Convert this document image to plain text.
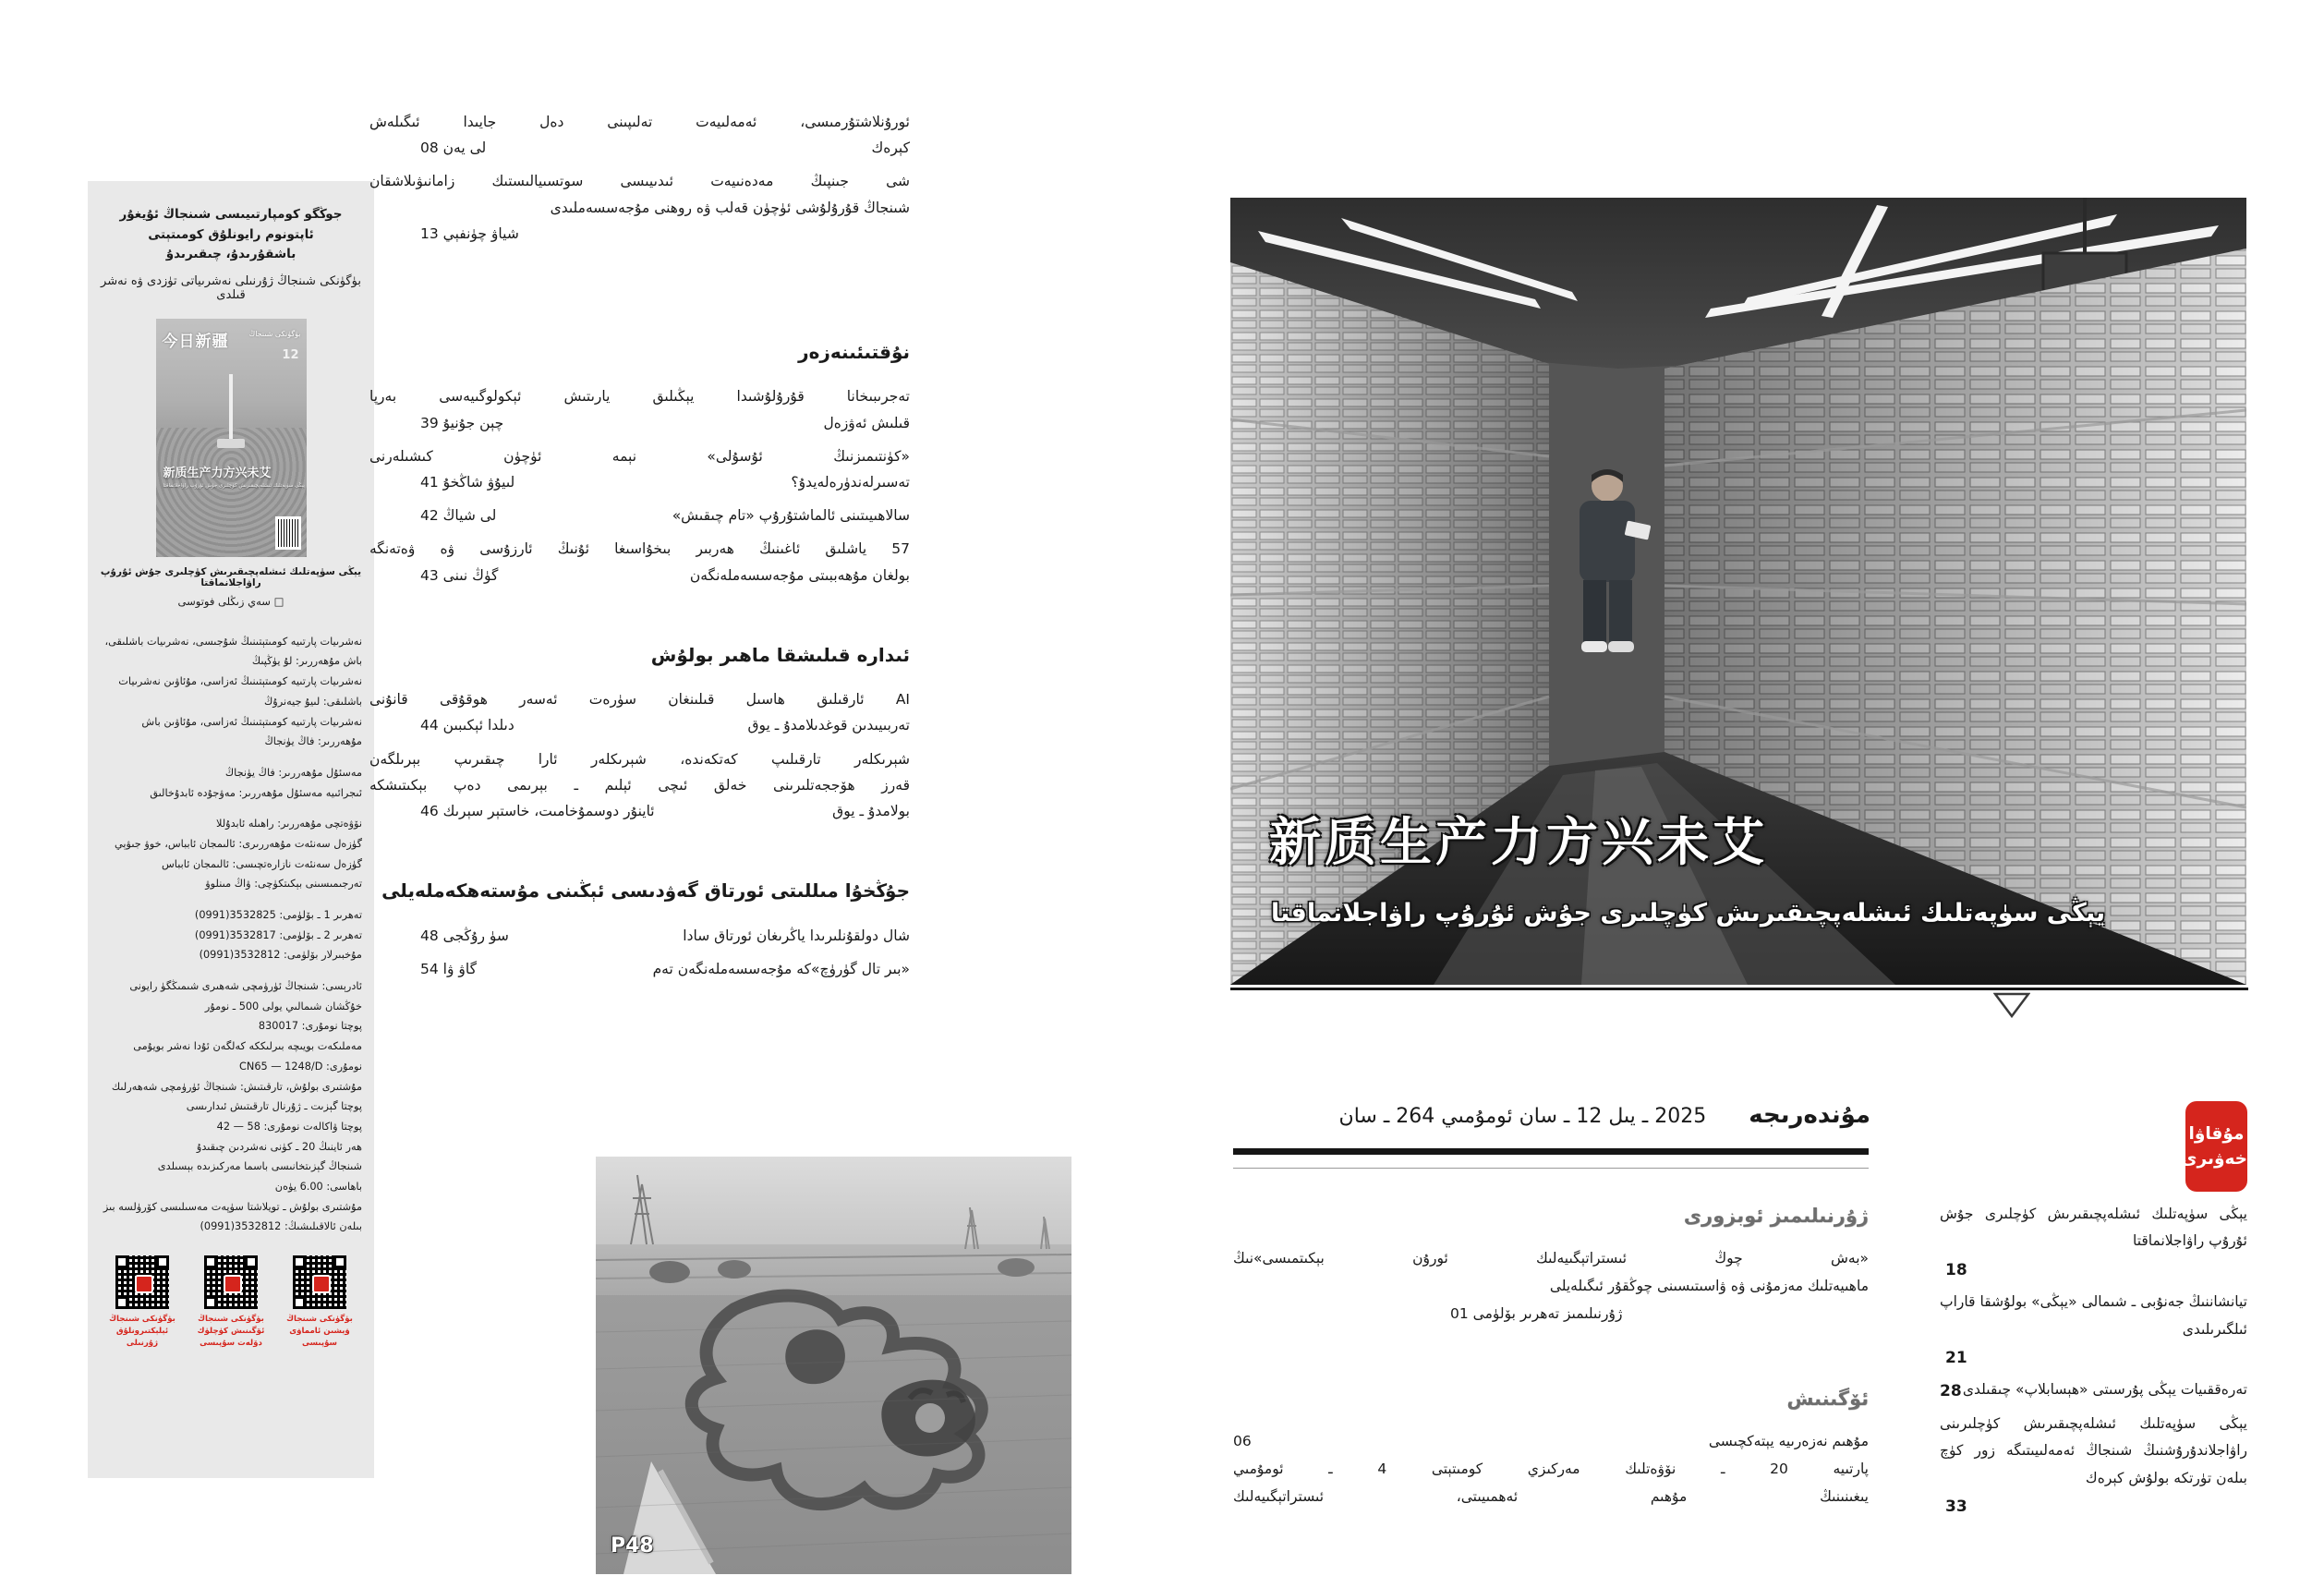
جوڭگو كومپارتىيىسى شىنجاڭ ئۇيغۇر ئاپتونوم رايونلۇق كومىتېتى
باشقۇرىدۇ، چىقىرىدۇ
بۈگۈنكى شىنجاڭ ژۇرنىلى نەشرىياتى تۈزدى ۋە نەشر قىلدى
今日新疆	بۈگۈنكى شىنجاڭ
12
新质生产力方兴未艾
يېڭى سۈپەتلىك ئىشلەپچىقىرىش كۈچلىرى جۇش ئۇرۇپ راۋاجلانماقتا
يېڭى سۈپەتلىك ئىشلەپچىقىرىش كۈچلىرى جۇش ئۇرۇپ راۋاجلانماقتا
□ سەي زىڭلى فوتوسى
نەشرىيات پارتىيە كومىتېتىنىڭ شۇجىسى، نەشرىيات باشلىقى، باش مۇھەررىر: لۇ يۈڭپىڭ
نەشرىيات پارتىيە كومىتېتىنىڭ ئەزاسى، مۇئاۋىن نەشرىيات باشلىقى: لىيۇ جيەنرۇڭ
نەشرىيات پارتىيە كومىتېتىنىڭ ئەزاسى، مۇئاۋىن باش مۇھەررىر: فاڭ يۈنجاڭ
مەسئۇل مۇھەررىر: فاڭ يۈنجاڭ
ئىجرائىيە مەسئۇل مۇھەررىر: مەۋجۇدە ئابدۇخالىق
نۆۋەتچى مۇھەررىر: راھىلە ئابدۇللا
گۈزەل سەنئەت مۇھەررىرى: ئالىمجان ئابباس، خوۋ جىۋېي
گۈزەل سەنئەت نازارەتچىسى: ئالىمجان ئابباس
تەرجىمىسىنى بېكىتكۈچى: ۋاڭ مىنلوۋ
تەھرىر 1 ـ بۆلۈمى: ‎(0991)3532825
تەھرىر 2 ـ بۆلۈمى: ‎(0991)3532817
مۇخبىرلار بۆلۈمى: ‎(0991)3532812
ئادرېسى: شىنجاڭ ئۈرۈمچى شەھىرى شىمىڭگۈ رايونى خۇڭشان شىمالىي يولى 500 ـ نومۇر
پوچتا نومۇرى: 830017
مەملىكەت بويىچە بىرلىككە كەلگەن ئۇدا نەشر بويۇمى نومۇرى: ‎CN65 — 1248/D
مۇشتىرى بولۇش، تارقىتىش: شىنجاڭ ئۈرۈمچى شەھەرلىك پوچتا گېزىت ـ ژۇرنال تارقىتىش ئىدارىسى
پوچتا ۋاكالەت نومۇرى: ‎42 — 58
ھەر ئاينىڭ 20 ـ كۈنى نەشردىن چىقىدۇ
شىنجاڭ گېزىتخانىسى باسما مەركىزىدە بېسىلدى
باھاسى: 6.00 يۈەن
مۇشتىرى بولۇش ـ تويلاشتا سۈپەت مەسىلىسى كۆرۈلسە بىز بىلەن ئالاقىلىشىڭ: ‎(0991)3532812
بۈگۈنكى شىنجاڭ
ئېلېكتىرونلۇق ژۇرنىلى
بۈگۈنكى شىنجاڭ
ئۆگىنىش كۈچلۈك دۆلەت سۇپىسى
بۈگۈنكى شىنجاڭ
ۋېشىن ئامماۋى سۇپىسى
ئورۇنلاشتۇرمىسى، ئەمەلىيەت تەلىپىنى دەل جايىدا ئىگىلەش
كېرەك
لى يەن 08
شى جىنپىڭ مەدەنىيەت ئىدىيىسى سوتسىيالىستىك زامانىۋىلاشقان
شىنجاڭ قۇرۇلۇشى ئۈچۈن قەلب ۋە روھنى مۇجەسسەملىدى
شياۋ چۈنفېي 13
نۇقتىئىنەزەر
تەجرىبىخانا قۇرۇلۇشىدا يېڭىلىق يارىتىش ئېكولوگىيەسى بەرپا
قىلىش ئەۋزەل
چېن جۇنيۇ 39
«كۈنتىمىزنىڭ ئۇسۇلى» نېمە ئۈچۈن كىشىلەرنى
تەسىرلەندۈرەلەيدۇ؟
لىيۇۋ شاڭخۇ 41
سالاھىيىتىنى ئالماشتۇرۇپ «تام چىقىش»
لى شياڭ 42
57 ياشلىق ئاغىنىڭ ھەربىر بىخۇاسىغا ئۇنىڭ ئارزۇسى ۋە ۋەتەنگە
بولغان مۇھەببىتى مۇجەسسەملەنگەن
گۈڭ نىنى 43
ئىدارە قىلىشقا ماھىر بولۇش
AI ئارقىلىق ھاسىل قىلىنغان سۈرەت ئەسەر ھوقۇقى قانۇنى
تەربىيىدىن قوغدىلامدۇ ـ يوق
دىلدا ئېكىبىن 44
شېرىكلەر تارقىلىپ كەتكەندە، شېرىكلەر ئارا چىقىرىپ بېرىلگەن
قەرز ھۆججەتلىرىنى خەلق ئىچى ئېلىم ـ بېرىمى دەپ بېكىتىشكە
بولامدۇ ـ يوق
ئاينۇر دوسمۇخامىت، خاستېر سېرىك 46
جۇڭخۇا مىللىتى ئورتاق گەۋدىسى ئېڭىنى مۇستەھكەملەيلى
شال دولقۇنلىرىدا ياڭرىغان ئورتاق سادا
سۈ رۇڭجى 48
«بىر تال گۈرۈچ»كە مۇجەسسەملەنگەن تەم
گاۋ ۋا 54
P48
新质生产力方兴未艾
يېڭى سۈپەتلىك ئىشلەپچىقىرىش كۈچلىرى جۇش ئۇرۇپ راۋاجلانماقتا
مۇندەرىجە
2025 ـ يىل 12 ـ سان ئومۇمىي 264 ـ سان
مۇقاۋا
خەۋىرى
يېڭى سۈپەتلىك ئىشلەپچىقىرىش كۈچلىرى جۇش
ئۇرۇپ راۋاجلانماقتا
18
تيانشاننىڭ جەنۇبى ـ شىمالى «يېڭى» بولۇشقا قاراپ
ئىلگىرىلىدى
21
تەرەققىيات يېڭى پۇرسىتى «ھېسابلاپ» چىقىلدى
28
يېڭى سۈپەتلىك ئىشلەپچىقىرىش كۈچلىرىنى
راۋاجلاندۇرۇشنىڭ شىنجاڭ ئەمەلىيىتىگە زور كۈچ
بىلەن تۈرتكە بولۇش كېرەك
33
ژۇرنىلىمىز ئوبزورى
«بەش چوڭ ئىستراتېگىيەلىك ئورۇن بېكىتمىسى»نىڭ
ماھىيەتلىك مەزمۇنى ۋە ۋاسىتىسىنى چوڭقۇر ئىگىلەيلى
ژۇرنىلىمىز تەھرىر بۆلۈمى 01
ئۆگىنىش
مۇھىم نەزەرىيە يېتەكچىسى
06
پارتىيە 20 ـ نۆۋەتلىك مەركىزي كومىتېتى 4 ـ ئومۇمىي
يىغىنىنىڭ مۇھىم ئەھمىيىتى، ئىستراتېگىيەلىك
